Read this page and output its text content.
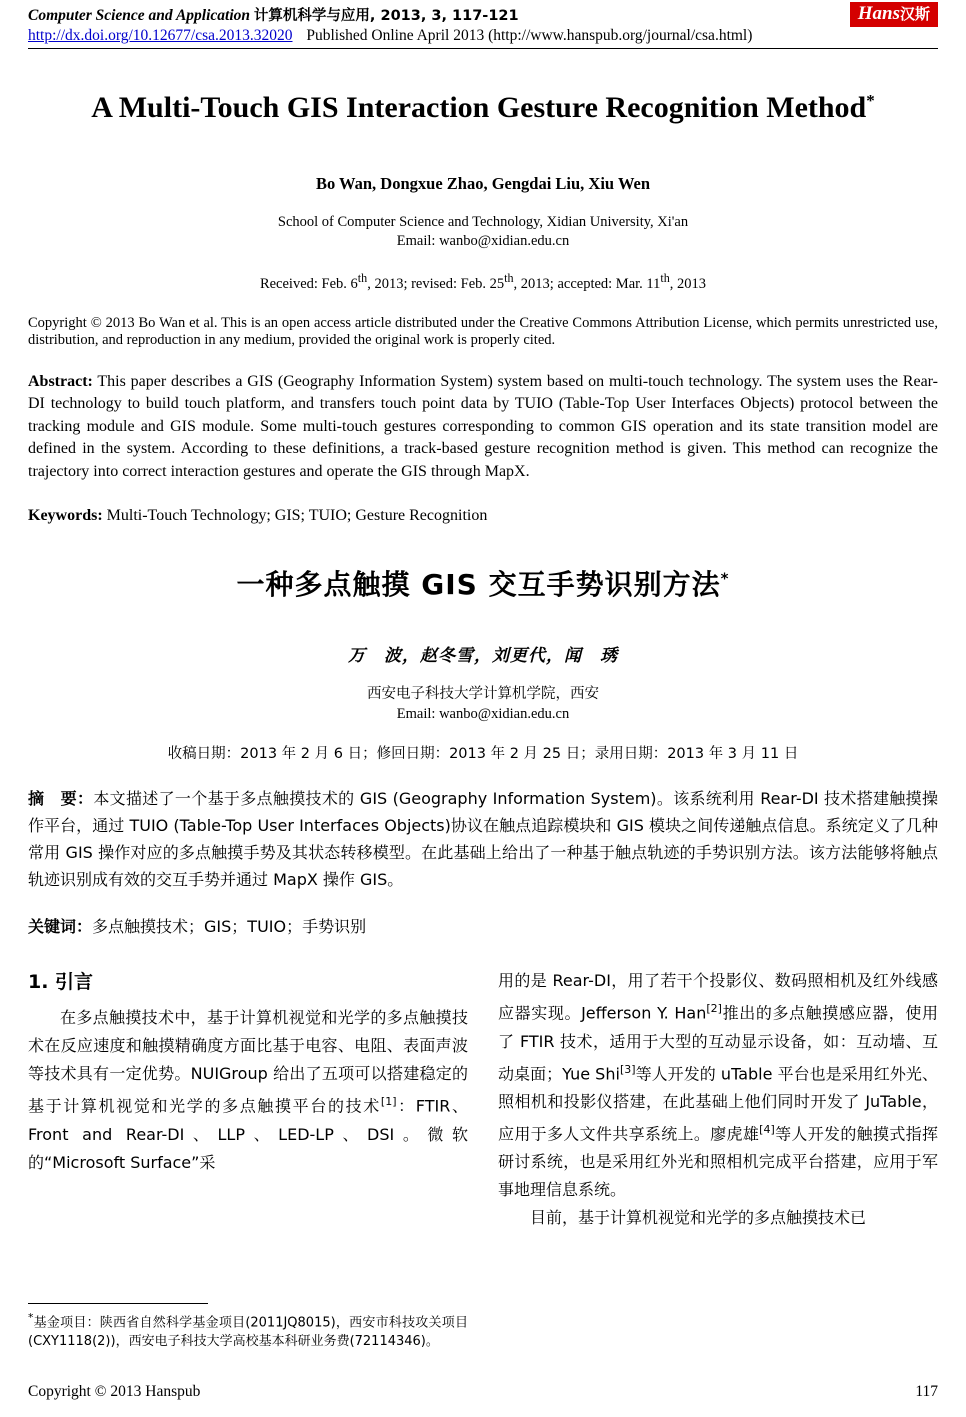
Computer Science and Application 计算机科学与应用, 2013, 3, 117-121
http://dx.doi.org/10.12677/csa.2013.32020 Published Online April 2013 (http://www.hanspub.org/journal/csa.html)
Hans汉斯
A Multi-Touch GIS Interaction Gesture Recognition Method*
Bo Wan, Dongxue Zhao, Gengdai Liu, Xiu Wen
School of Computer Science and Technology, Xidian University, Xi'an
Email: wanbo@xidian.edu.cn
Received: Feb. 6th, 2013; revised: Feb. 25th, 2013; accepted: Mar. 11th, 2013
Copyright © 2013 Bo Wan et al. This is an open access article distributed under the Creative Commons Attribution License, which permits unrestricted use, distribution, and reproduction in any medium, provided the original work is properly cited.
Abstract: This paper describes a GIS (Geography Information System) system based on multi-touch technology. The system uses the Rear-DI technology to build touch platform, and transfers touch point data by TUIO (Table-Top User Interfaces Objects) protocol between the tracking module and GIS module. Some multi-touch gestures corresponding to common GIS operation and its state transition model are defined in the system. According to these definitions, a track-based gesture recognition method is given. This method can recognize the trajectory into correct interaction gestures and operate the GIS through MapX.
Keywords: Multi-Touch Technology; GIS; TUIO; Gesture Recognition
一种多点触摸 GIS 交互手势识别方法*
万　波，赵冬雪，刘更代，闻　琇
西安电子科技大学计算机学院，西安
Email: wanbo@xidian.edu.cn
收稿日期：2013 年 2 月 6 日；修回日期：2013 年 2 月 25 日；录用日期：2013 年 3 月 11 日
摘　要：本文描述了一个基于多点触摸技术的 GIS (Geography Information System)。该系统利用 Rear-DI 技术搭建触摸操作平台，通过 TUIO (Table-Top User Interfaces Objects)协议在触点追踪模块和 GIS 模块之间传递触点信息。系统定义了几种常用 GIS 操作对应的多点触摸手势及其状态转移模型。在此基础上给出了一种基于触点轨迹的手势识别方法。该方法能够将触点轨迹识别成有效的交互手势并通过 MapX 操作 GIS。
关键词：多点触摸技术；GIS；TUIO；手势识别
1. 引言
在多点触摸技术中，基于计算机视觉和光学的多点触摸技术在反应速度和触摸精确度方面比基于电容、电阻、表面声波等技术具有一定优势。NUIGroup 给出了五项可以搭建稳定的基于计算机视觉和光学的多点触摸平台的技术[1]：FTIR、Front and Rear-DI、LLP、LED-LP、DSI。微软的“Microsoft Surface”采
用的是 Rear-DI，用了若干个投影仪、数码照相机及红外线感应器实现。Jefferson Y. Han[2]推出的多点触摸感应器，使用了 FTIR 技术，适用于大型的互动显示设备，如：互动墙、互动桌面；Yue Shi[3]等人开发的 uTable 平台也是采用红外光、照相机和投影仪搭建，在此基础上他们同时开发了 JuTable，应用于多人文件共享系统上。廖虎雄[4]等人开发的触摸式指挥研讨系统，也是采用红外光和照相机完成平台搭建，应用于军事地理信息系统。
目前，基于计算机视觉和光学的多点触摸技术已
*基金项目：陕西省自然科学基金项目(2011JQ8015)，西安市科技攻关项目(CXY1118(2))，西安电子科技大学高校基本科研业务费(72114346)。
Copyright © 2013 Hanspub	117
